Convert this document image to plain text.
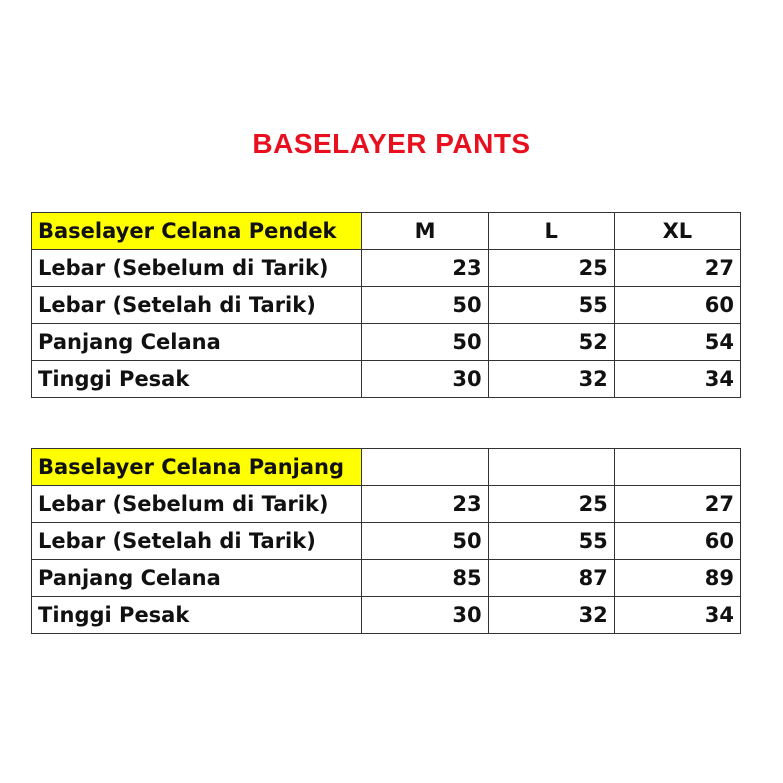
BASELAYER PANTS
Baselayer Celana Pendek	M	L	XL
Lebar (Sebelum di Tarik)	23	25	27
Lebar (Setelah di Tarik)	50	55	60
Panjang Celana	50	52	54
Tinggi Pesak	30	32	34
Baselayer Celana Panjang			
Lebar (Sebelum di Tarik)	23	25	27
Lebar (Setelah di Tarik)	50	55	60
Panjang Celana	85	87	89
Tinggi Pesak	30	32	34
